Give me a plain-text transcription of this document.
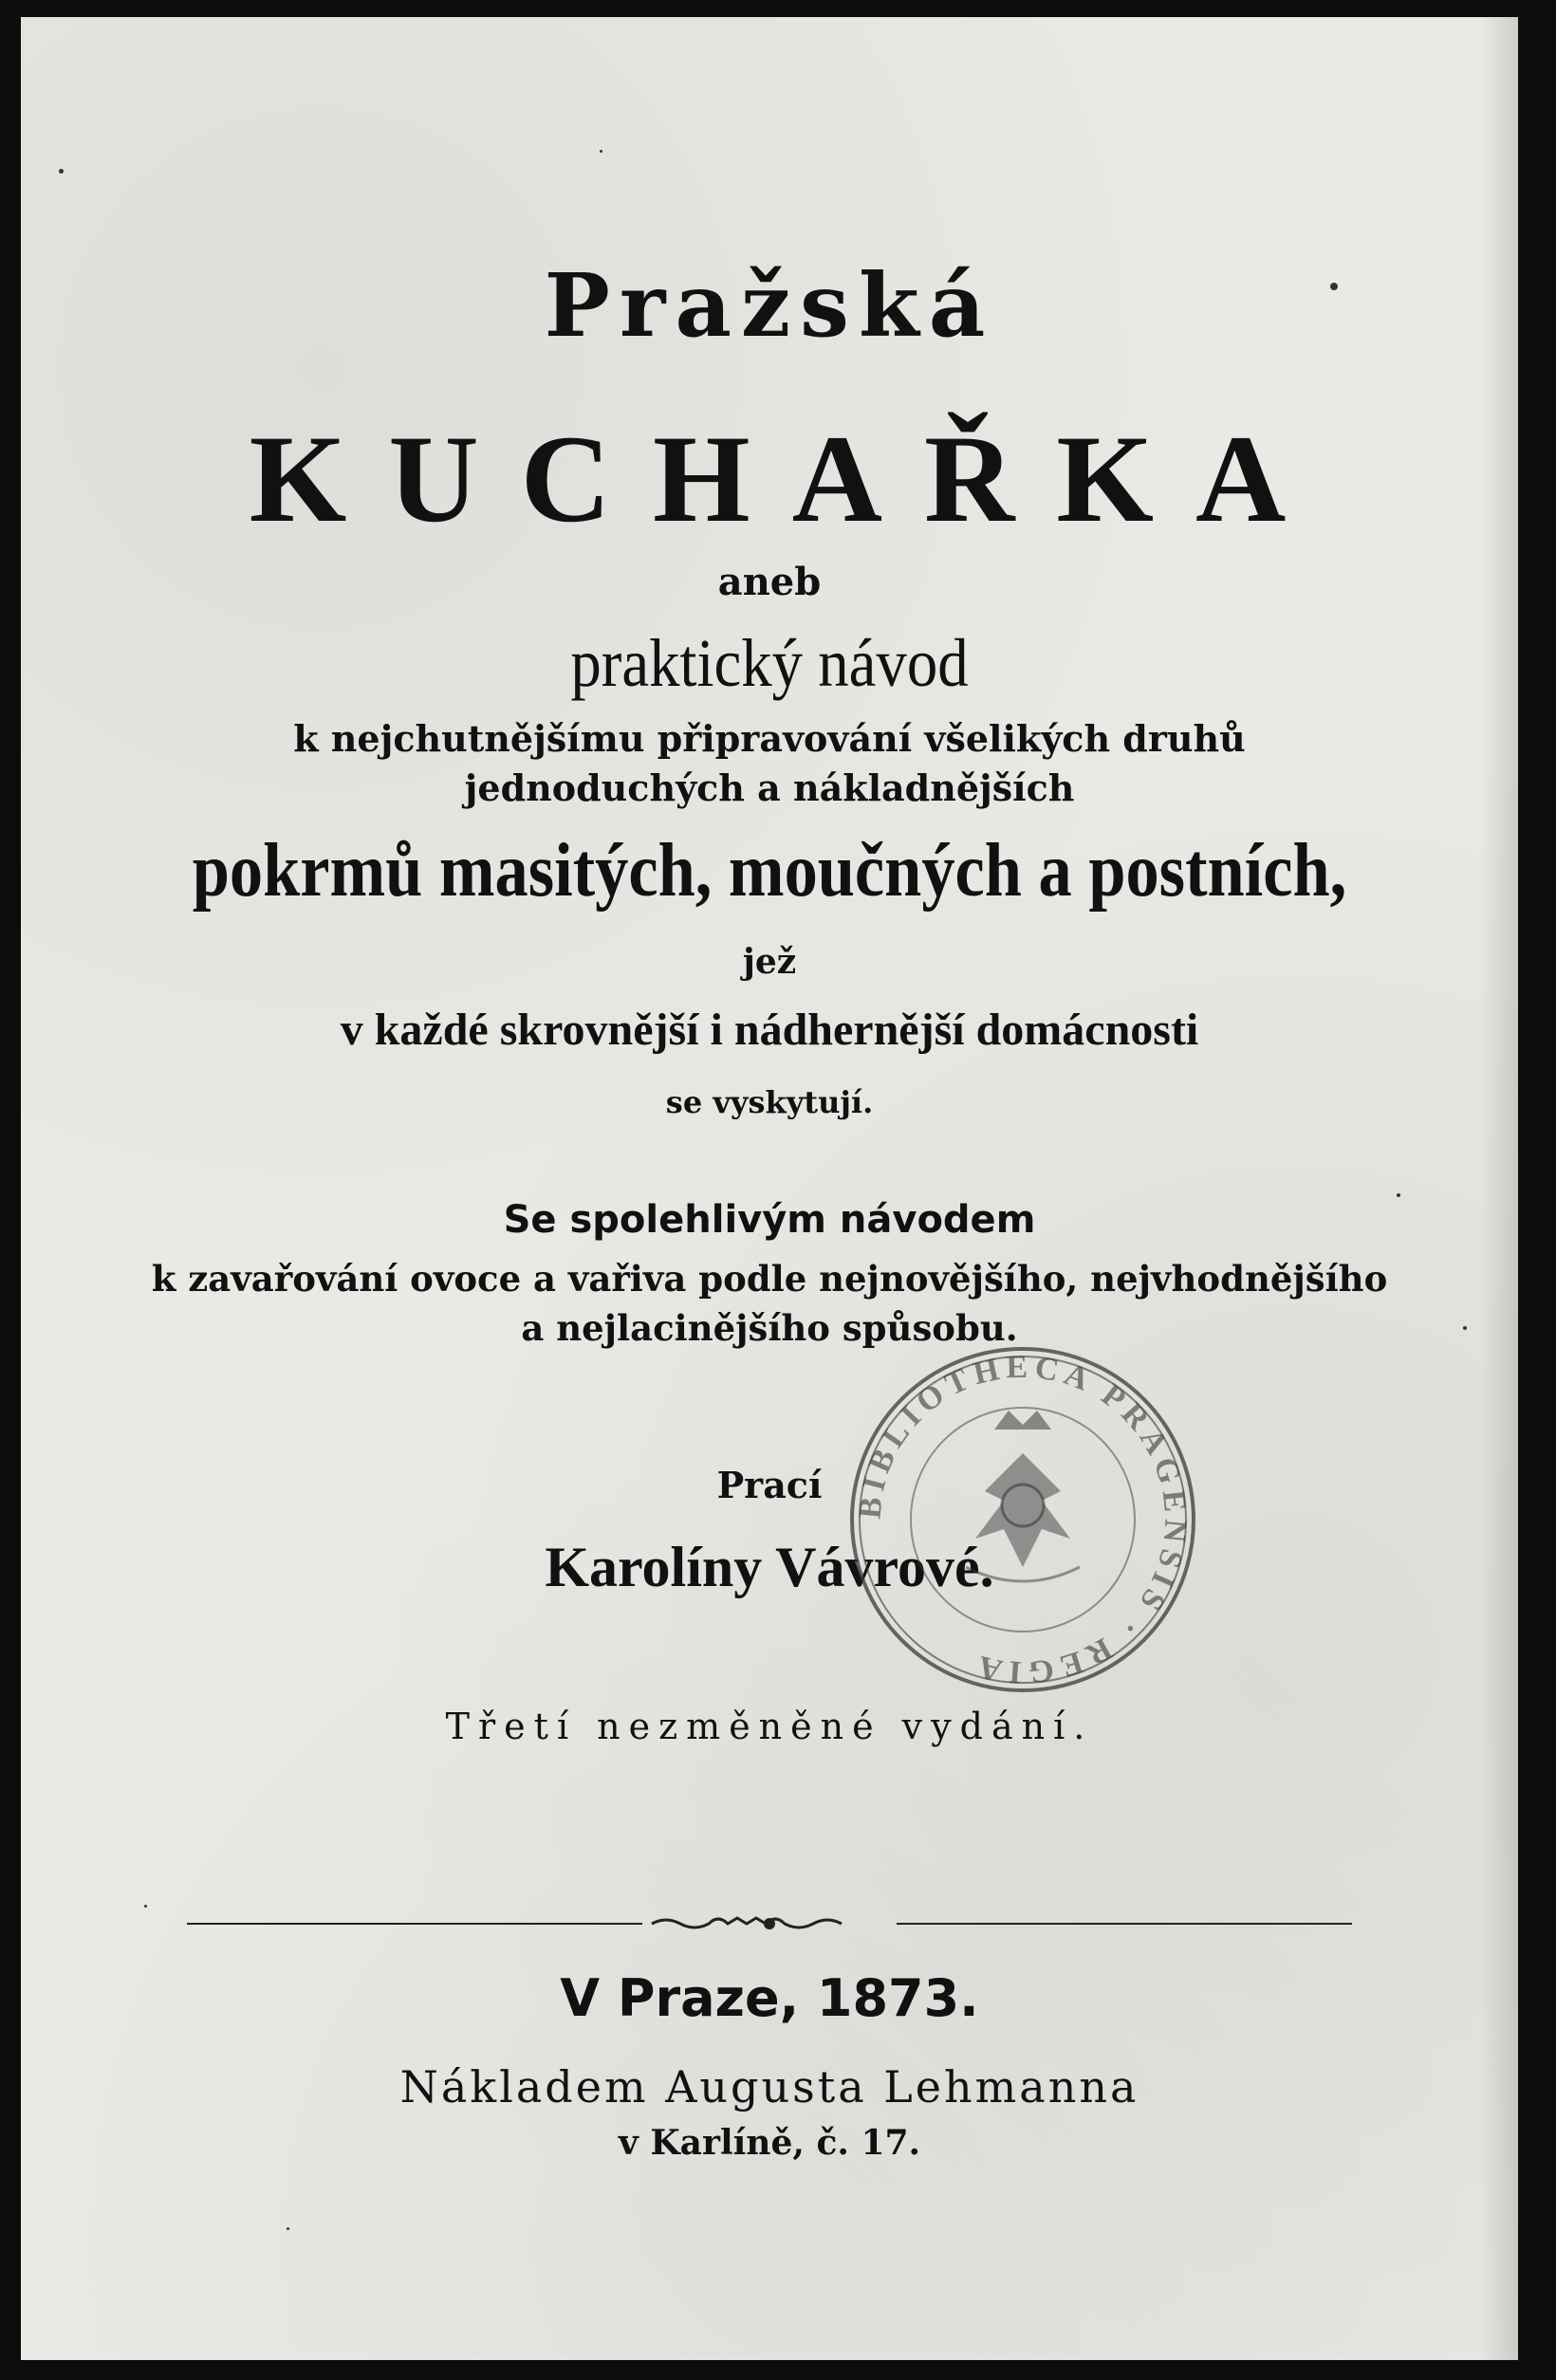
Pražská
KUCHAŘKA
aneb
praktický návod
k nejchutnějšímu připravování všelikých druhů
jednoduchých a nákladnějších
pokrmů masitých, moučných a postních,
jež
v každé skrovnější i nádhernější domácnosti
se vyskytují.
Se spolehlivým návodem
k zavařování ovoce a vařiva podle nejnovějšího, nejvhodnějšího
a nejlacinějšího spůsobu.
Prací
Karolíny Vávrové.
Třetí nezměněné vydání.
V Praze, 1873.
Nákladem Augusta Lehmanna
v Karlíně, č. 17.
BIBLIOTHECA PRAGENSIS · REGIA
